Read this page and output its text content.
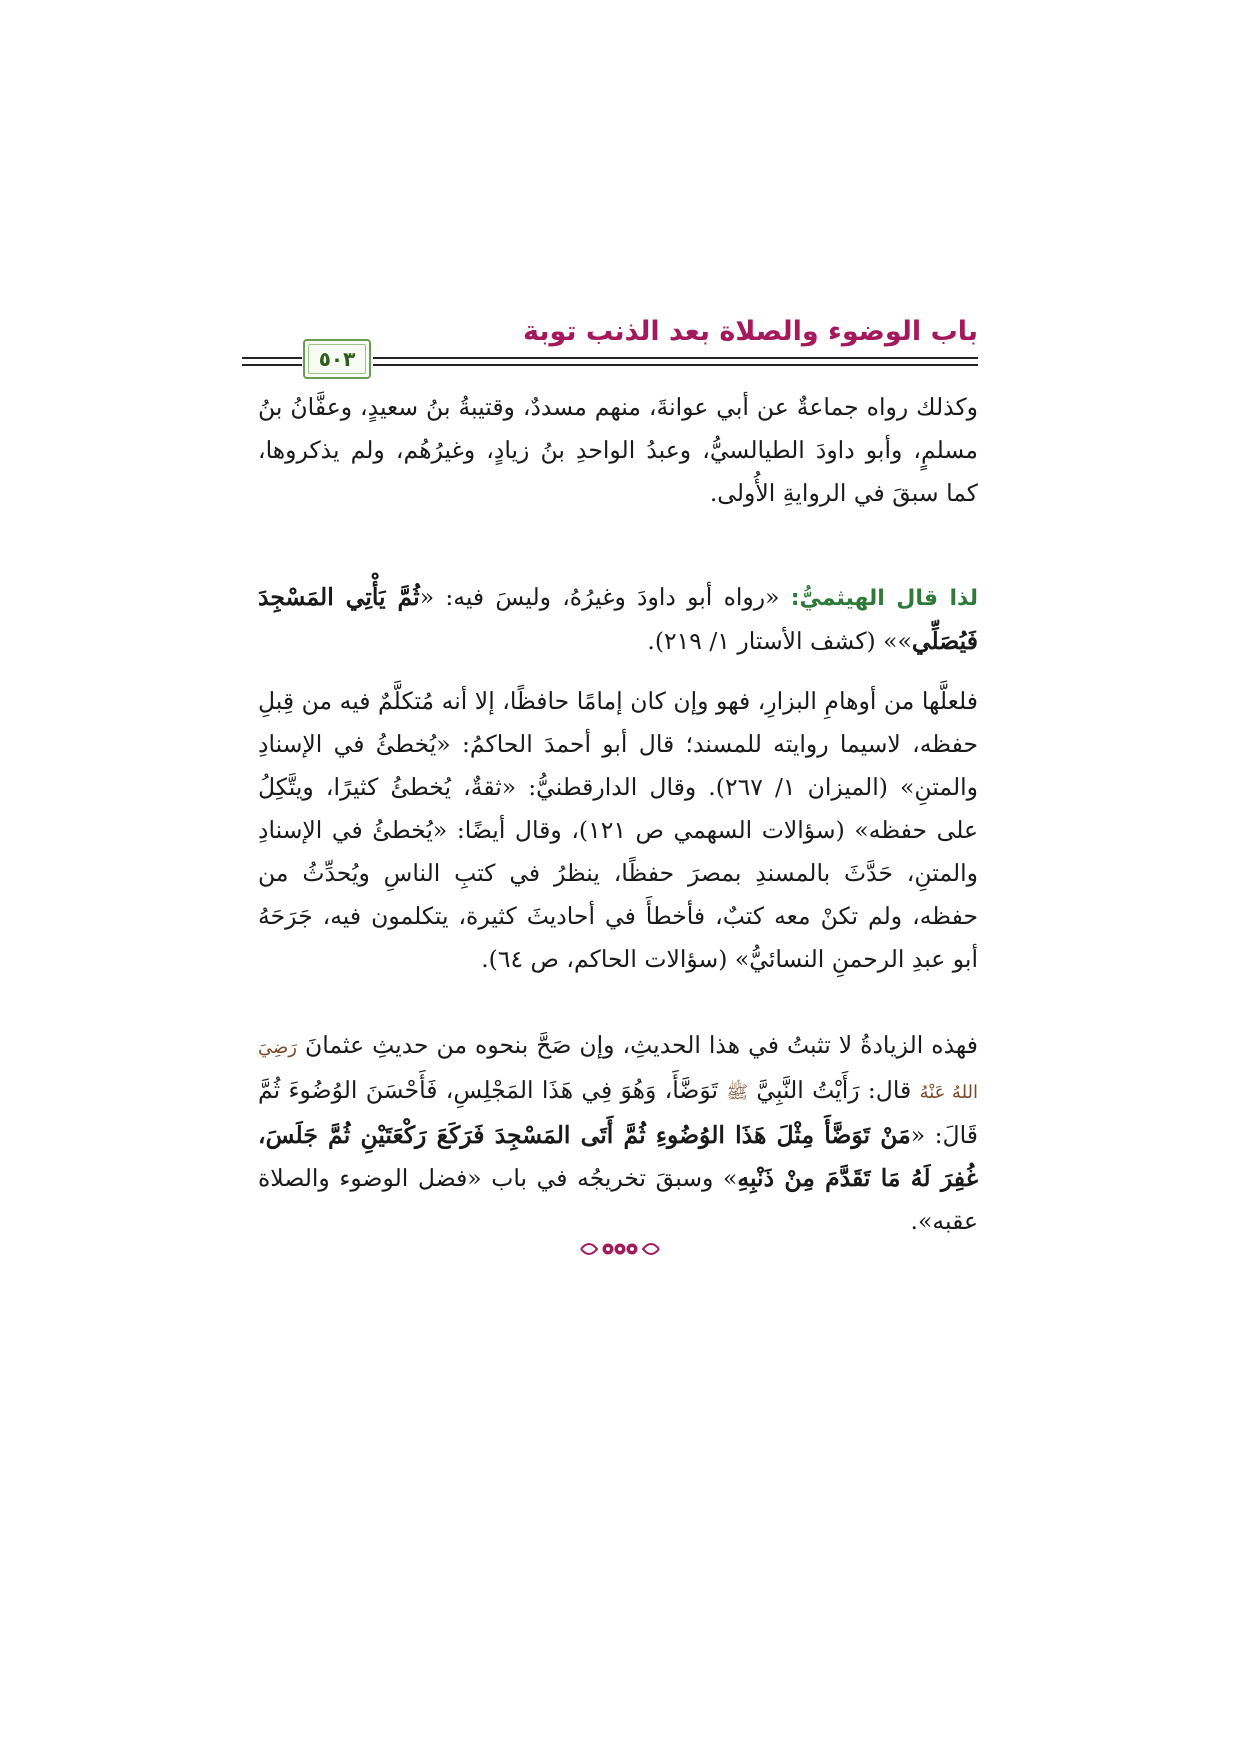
باب الوضوء والصلاة بعد الذنب توبة
٥٠٣

وكذلك رواه جماعةٌ عن أبي عوانةَ، منهم مسددٌ، وقتيبةُ بنُ سعيدٍ، وعفَّانُ بنُ مسلمٍ، وأبو داودَ الطيالسيُّ، وعبدُ الواحدِ بنُ زيادٍ، وغيرُهُم، ولم يذكروها، كما سبقَ في الروايةِ الأُولى.

لذا قال الهيثميُّ: «رواه أبو داودَ وغيرُهُ، وليسَ فيه: «ثُمَّ يَأْتِي المَسْجِدَ فَيُصَلِّي»» (كشف الأستار ١/ ٢١٩).

فلعلَّها من أوهامِ البزارِ، فهو وإن كان إمامًا حافظًا، إلا أنه مُتكلَّمٌ فيه من قِبلِ حفظه، لاسيما روايته للمسند؛ قال أبو أحمدَ الحاكمُ: «يُخطئُ في الإسنادِ والمتنِ» (الميزان ١/ ٢٦٧). وقال الدارقطنيُّ: «ثقةٌ، يُخطئُ كثيرًا، ويتَّكِلُ على حفظه» (سؤالات السهمي ص ١٢١)، وقال أيضًا: «يُخطئُ في الإسنادِ والمتنِ، حَدَّثَ بالمسندِ بمصرَ حفظًا، ينظرُ في كتبِ الناسِ ويُحدِّثُ من حفظه، ولم تكنْ معه كتبٌ، فأخطأَ في أحاديثَ كثيرة، يتكلمون فيه، جَرَحَهُ أبو عبدِ الرحمنِ النسائيُّ» (سؤالات الحاكم، ص ٦٤).

فهذه الزيادةُ لا تثبتُ في هذا الحديثِ، وإن صَحَّ بنحوه من حديثِ عثمانَ رَضِيَ اللهُ عَنْهُ قال: رَأَيْتُ النَّبِيَّ ﷺ تَوَضَّأَ، وَهُوَ فِي هَذَا المَجْلِسِ، فَأَحْسَنَ الوُضُوءَ ثُمَّ قَالَ: «مَنْ تَوَضَّأَ مِثْلَ هَذَا الوُضُوءِ ثُمَّ أَتَى المَسْجِدَ فَرَكَعَ رَكْعَتَيْنِ ثُمَّ جَلَسَ، غُفِرَ لَهُ مَا تَقَدَّمَ مِنْ ذَنْبِهِ» وسبقَ تخريجُه في باب «فضل الوضوء والصلاة عقبه».
